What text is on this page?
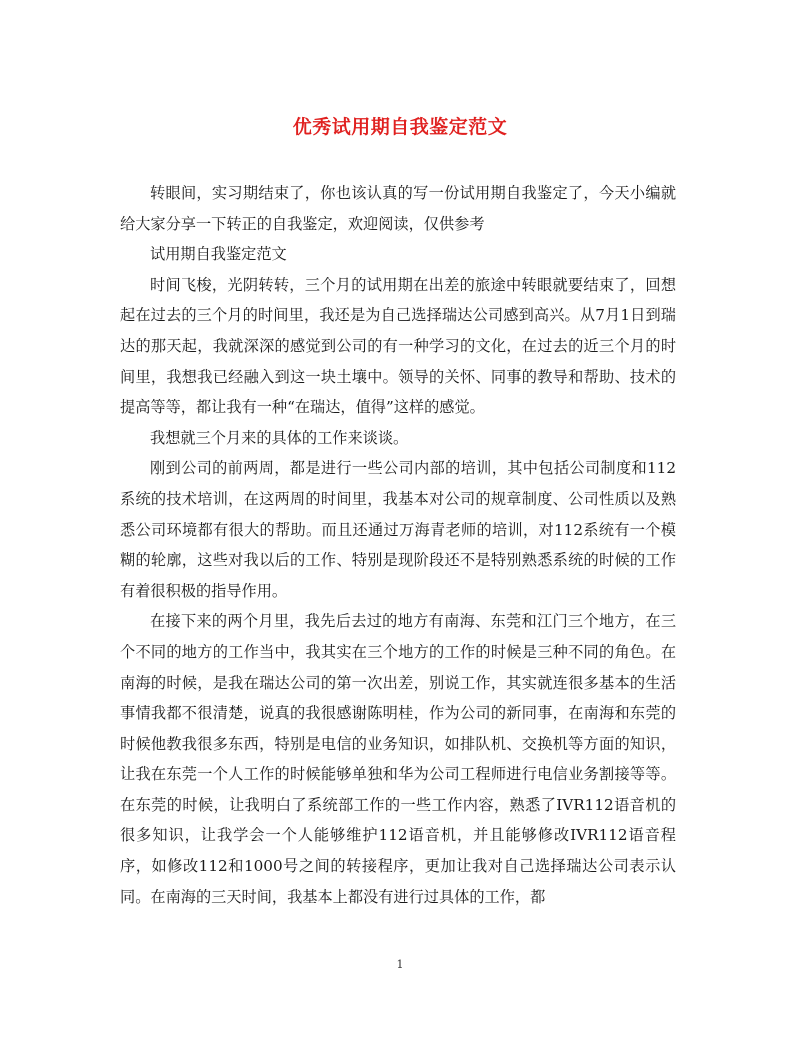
优秀试用期自我鉴定范文

转眼间，实习期结束了，你也该认真的写一份试用期自我鉴定了，今天小编就给大家分享一下转正的自我鉴定，欢迎阅读，仅供参考

试用期自我鉴定范文

时间飞梭，光阴转转，三个月的试用期在出差的旅途中转眼就要结束了，回想起在过去的三个月的时间里，我还是为自己选择瑞达公司感到高兴。从7月1日到瑞达的那天起，我就深深的感觉到公司的有一种学习的文化，在过去的近三个月的时间里，我想我已经融入到这一块土壤中。领导的关怀、同事的教导和帮助、技术的提高等等，都让我有一种“在瑞达，值得”这样的感觉。

我想就三个月来的具体的工作来谈谈。

刚到公司的前两周，都是进行一些公司内部的培训，其中包括公司制度和112系统的技术培训，在这两周的时间里，我基本对公司的规章制度、公司性质以及熟悉公司环境都有很大的帮助。而且还通过万海青老师的培训，对112系统有一个模糊的轮廓，这些对我以后的工作、特别是现阶段还不是特别熟悉系统的时候的工作有着很积极的指导作用。

在接下来的两个月里，我先后去过的地方有南海、东莞和江门三个地方，在三个不同的地方的工作当中，我其实在三个地方的工作的时候是三种不同的角色。在南海的时候，是我在瑞达公司的第一次出差，别说工作，其实就连很多基本的生活事情我都不很清楚，说真的我很感谢陈明桂，作为公司的新同事，在南海和东莞的时候他教我很多东西，特别是电信的业务知识，如排队机、交换机等方面的知识，让我在东莞一个人工作的时候能够单独和华为公司工程师进行电信业务割接等等。在东莞的时候，让我明白了系统部工作的一些工作内容，熟悉了IVR112语音机的很多知识，让我学会一个人能够维护112语音机，并且能够修改IVR112语音程序，如修改112和1000号之间的转接程序，更加让我对自己选择瑞达公司表示认同。在南海的三天时间，我基本上都没有进行过具体的工作，都

1
